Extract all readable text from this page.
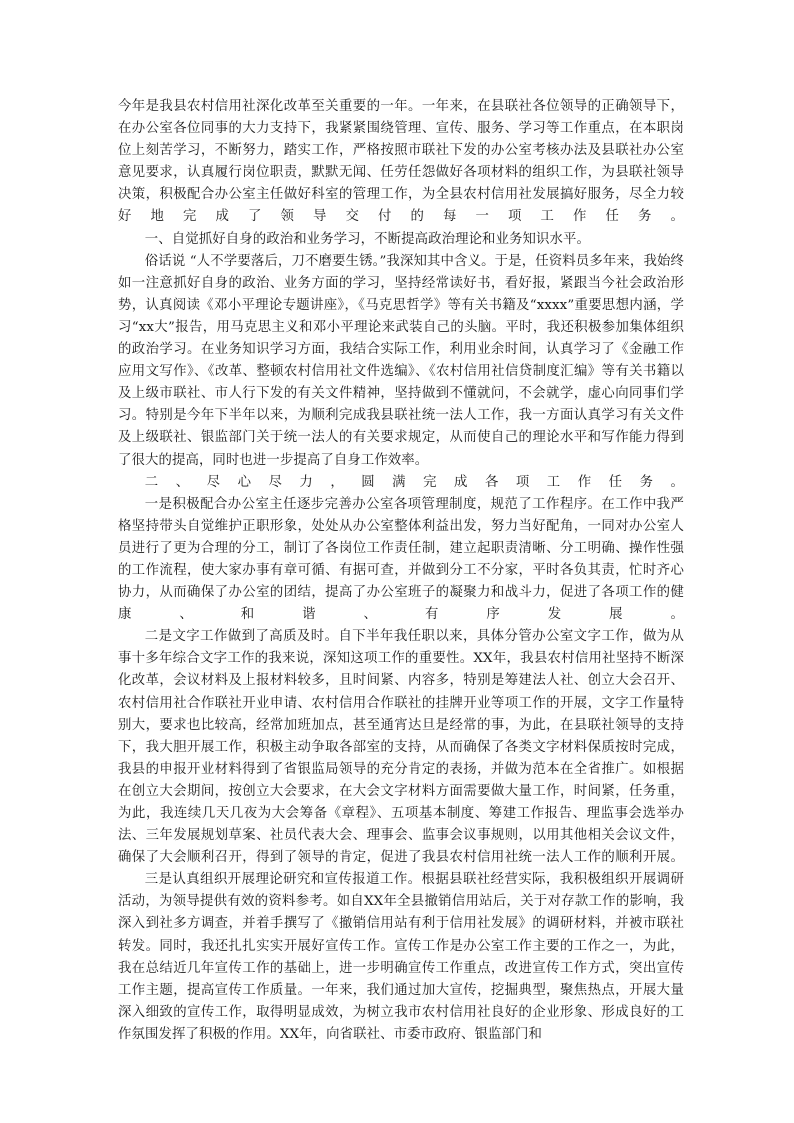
今年是我县农村信用社深化改革至关重要的一年。一年来，在县联社各位领导的正确领导下，在办公室各位同事的大力支持下，我紧紧围绕管理、宣传、服务、学习等工作重点，在本职岗位上刻苦学习，不断努力，踏实工作，严格按照市联社下发的办公室考核办法及县联社办公室意见要求，认真履行岗位职责，默默无闻、任劳任怨做好各项材料的组织工作，为县联社领导决策，积极配合办公室主任做好科室的管理工作，为全县农村信用社发展搞好服务，尽全力较好地完成了领导交付的每一项工作任务。

一、自觉抓好自身的政治和业务学习，不断提高政治理论和业务知识水平。

俗话说 “人不学要落后，刀不磨要生锈。”我深知其中含义。于是，任资料员多年来，我始终如一注意抓好自身的政治、业务方面的学习，坚持经常读好书，看好报，紧跟当今社会政治形势，认真阅读《邓小平理论专题讲座》，《马克思哲学》等有关书籍及“xxxx”重要思想内涵，学习“xx大”报告，用马克思主义和邓小平理论来武装自己的头脑。平时，我还积极参加集体组织的政治学习。在业务知识学习方面，我结合实际工作，利用业余时间，认真学习了《金融工作应用文写作》、《改革、整顿农村信用社文件选编》、《农村信用社信贷制度汇编》等有关书籍以及上级市联社、市人行下发的有关文件精神，坚持做到不懂就问，不会就学，虚心向同事们学习。特别是今年下半年以来，为顺利完成我县联社统一法人工作，我一方面认真学习有关文件及上级联社、银监部门关于统一法人的有关要求规定，从而使自己的理论水平和写作能力得到了很大的提高，同时也进一步提高了自身工作效率。

二、尽心尽力，圆满完成各项工作任务。

一是积极配合办公室主任逐步完善办公室各项管理制度，规范了工作程序。在工作中我严格坚持带头自觉维护正职形象，处处从办公室整体利益出发，努力当好配角，一同对办公室人员进行了更为合理的分工，制订了各岗位工作责任制，建立起职责清晰、分工明确、操作性强的工作流程，使大家办事有章可循、有据可查，并做到分工不分家，平时各负其责，忙时齐心协力，从而确保了办公室的团结，提高了办公室班子的凝聚力和战斗力，促进了各项工作的健康、和谐、有序发展。

二是文字工作做到了高质及时。自下半年我任职以来，具体分管办公室文字工作，做为从事十多年综合文字工作的我来说，深知这项工作的重要性。XX年，我县农村信用社坚持不断深化改革，会议材料及上报材料较多，且时间紧、内容多，特别是筹建法人社、创立大会召开、农村信用社合作联社开业申请、农村信用合作联社的挂牌开业等项工作的开展，文字工作量特别大，要求也比较高，经常加班加点，甚至通宵达旦是经常的事，为此，在县联社领导的支持下，我大胆开展工作，积极主动争取各部室的支持，从而确保了各类文字材料保质按时完成，我县的申报开业材料得到了省银监局领导的充分肯定的表扬，并做为范本在全省推广。如根据在创立大会期间，按创立大会要求，在大会文字材料方面需要做大量工作，时间紧，任务重，为此，我连续几天几夜为大会筹备《章程》、五项基本制度、筹建工作报告、理监事会选举办法、三年发展规划草案、社员代表大会、理事会、监事会议事规则，以用其他相关会议文件，确保了大会顺利召开，得到了领导的肯定，促进了我县农村信用社统一法人工作的顺利开展。

三是认真组织开展理论研究和宣传报道工作。根据县联社经营实际，我积极组织开展调研活动，为领导提供有效的资料参考。如自XX年全县撤销信用站后，关于对存款工作的影响，我深入到社多方调查，并着手撰写了《撤销信用站有利于信用社发展》的调研材料，并被市联社转发。同时，我还扎扎实实开展好宣传工作。宣传工作是办公室工作主要的工作之一，为此，我在总结近几年宣传工作的基础上，进一步明确宣传工作重点，改进宣传工作方式，突出宣传工作主题，提高宣传工作质量。一年来，我们通过加大宣传，挖掘典型，聚焦热点，开展大量深入细致的宣传工作，取得明显成效，为树立我市农村信用社良好的企业形象、形成良好的工作氛围发挥了积极的作用。XX年，向省联社、市委市政府、银监部门和
